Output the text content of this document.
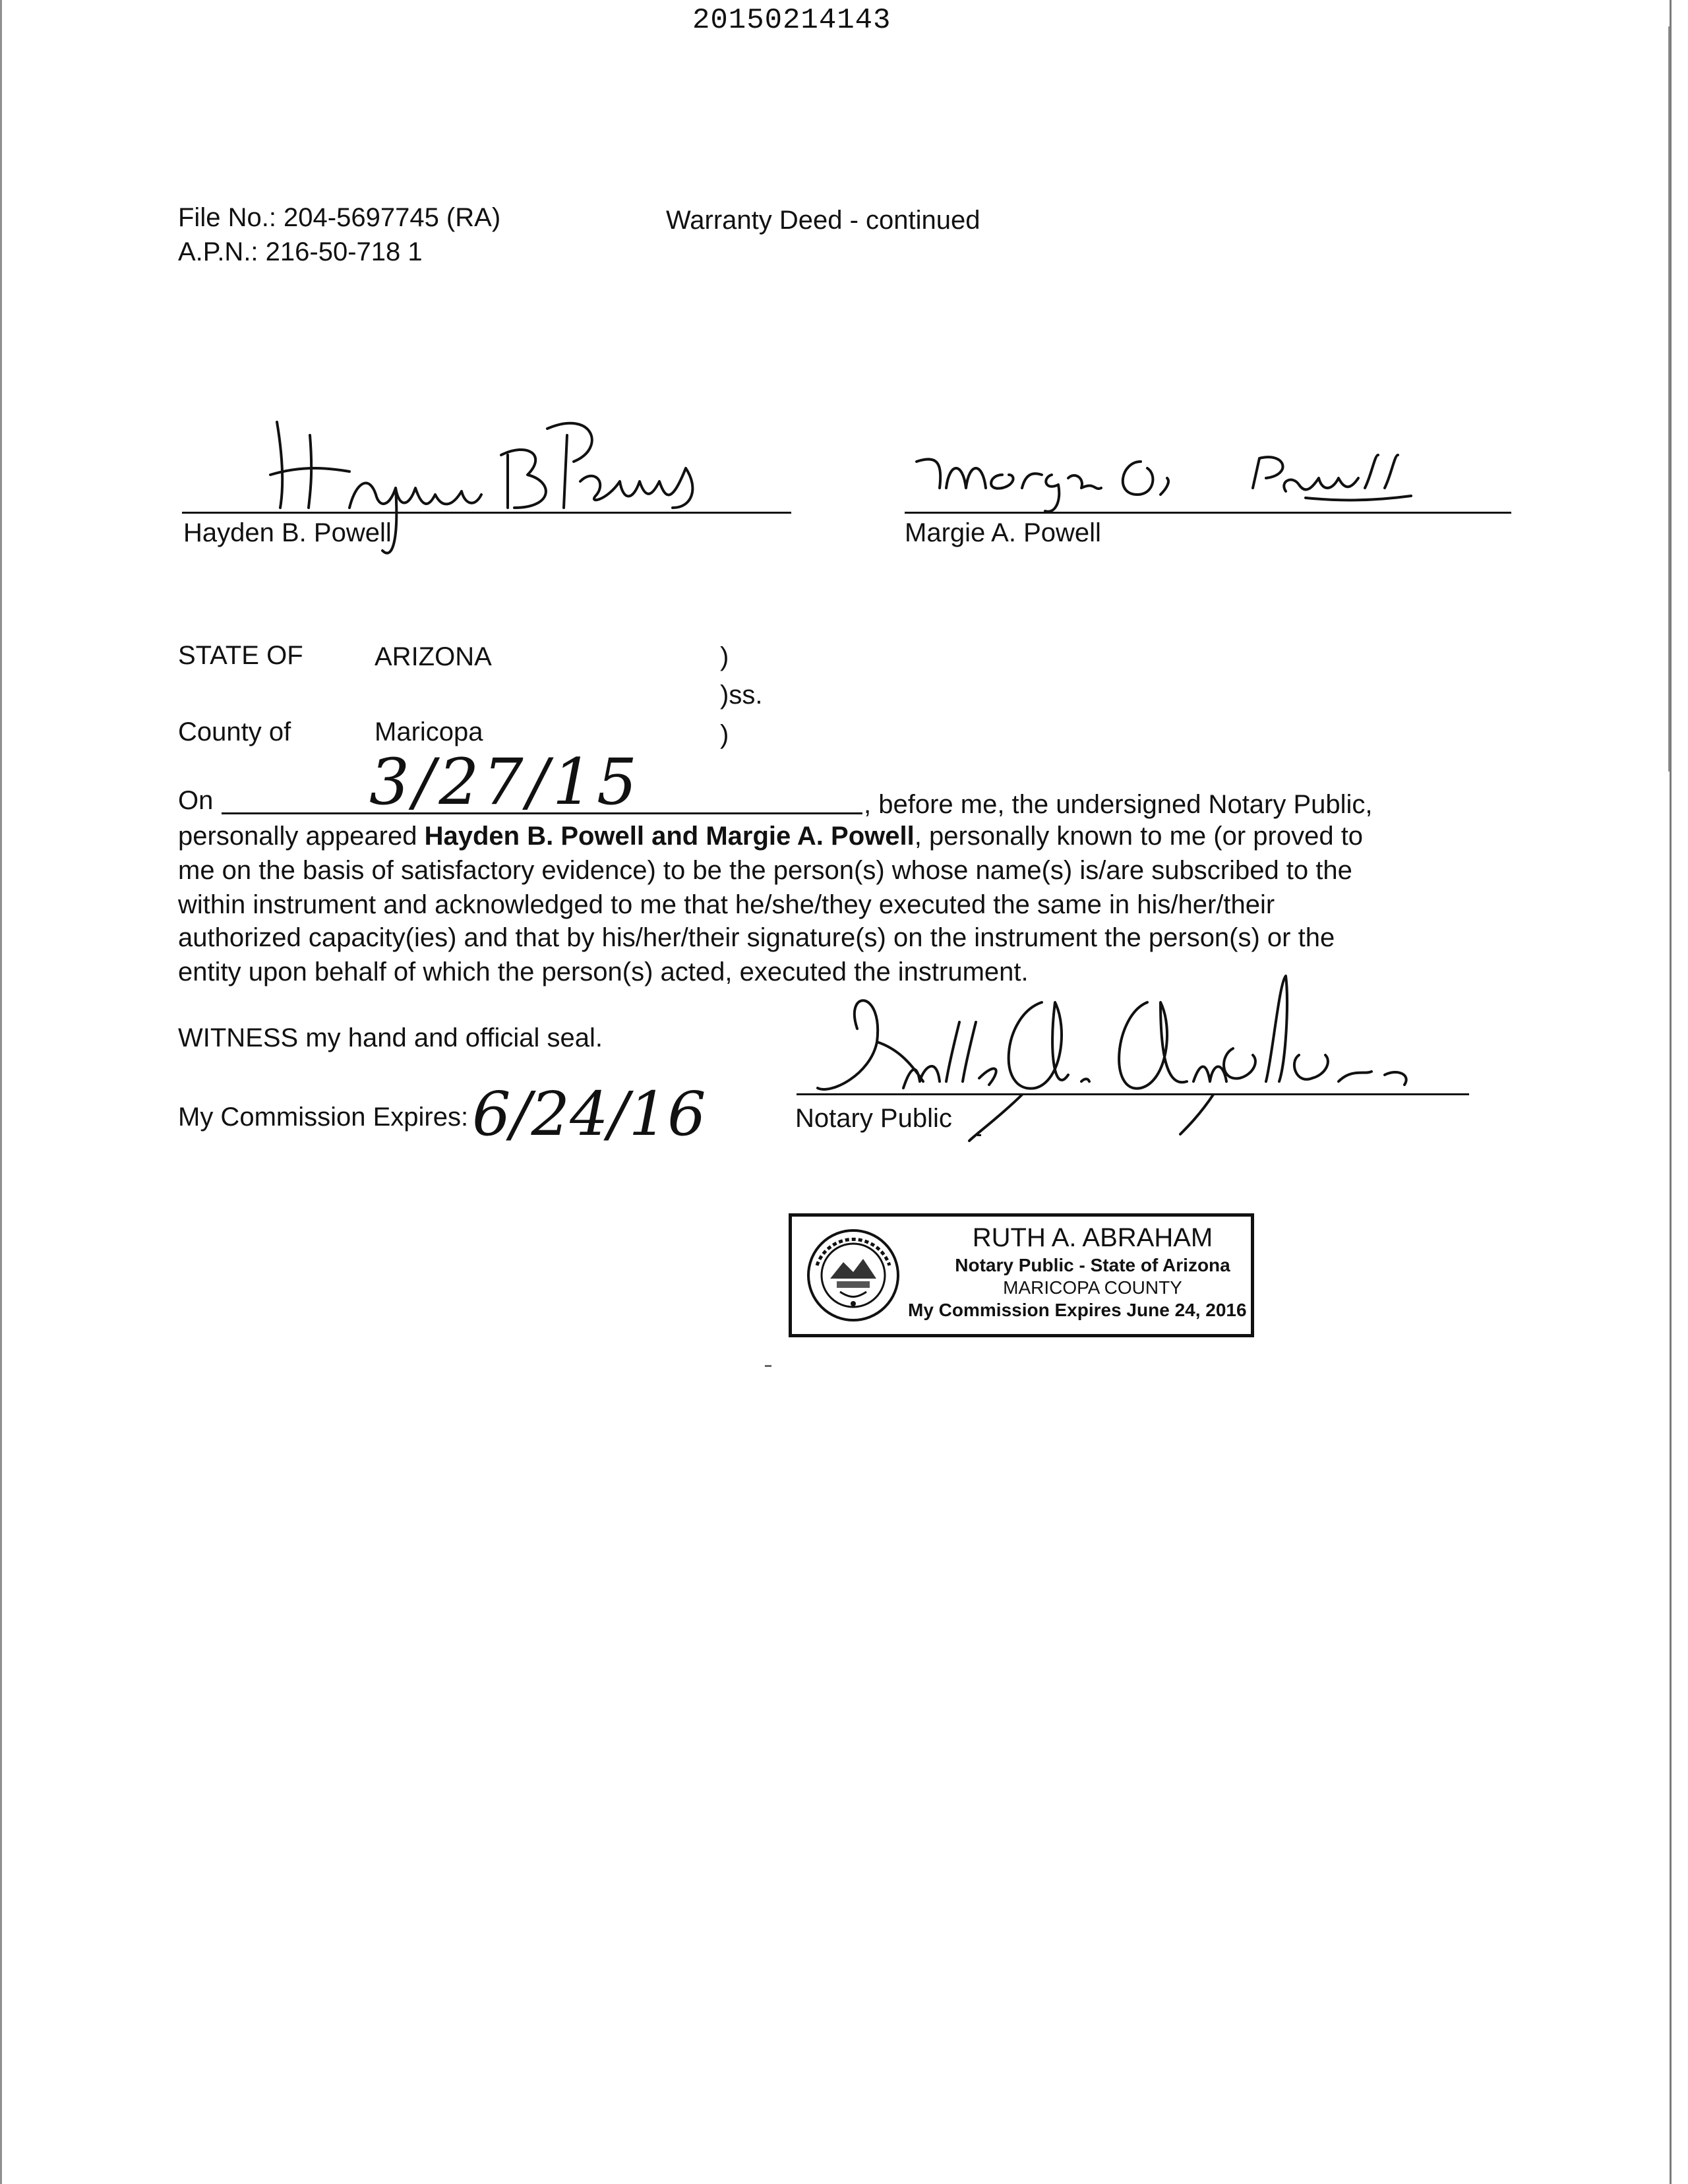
20150214143
File No.: 204-5697745 (RA)
A.P.N.: 216-50-718 1
Warranty Deed - continued
Hayden B. Powell	Margie A. Powell
STATE OF	ARIZONA	)
)ss.
County of	Maricopa	)
On 3/27/15	, before me, the undersigned Notary Public,
personally appeared Hayden B. Powell and Margie A. Powell, personally known to me (or proved to
me on the basis of satisfactory evidence) to be the person(s) whose name(s) is/are subscribed to the
within instrument and acknowledged to me that he/she/they executed the same in his/her/their
authorized capacity(ies) and that by his/her/their signature(s) on the instrument the person(s) or the
entity upon behalf of which the person(s) acted, executed the instrument.
WITNESS my hand and official seal.
My Commission Expires: 6/24/16	Notary Public
RUTH A. ABRAHAM
Notary Public - State of Arizona
MARICOPA COUNTY
My Commission Expires June 24, 2016
